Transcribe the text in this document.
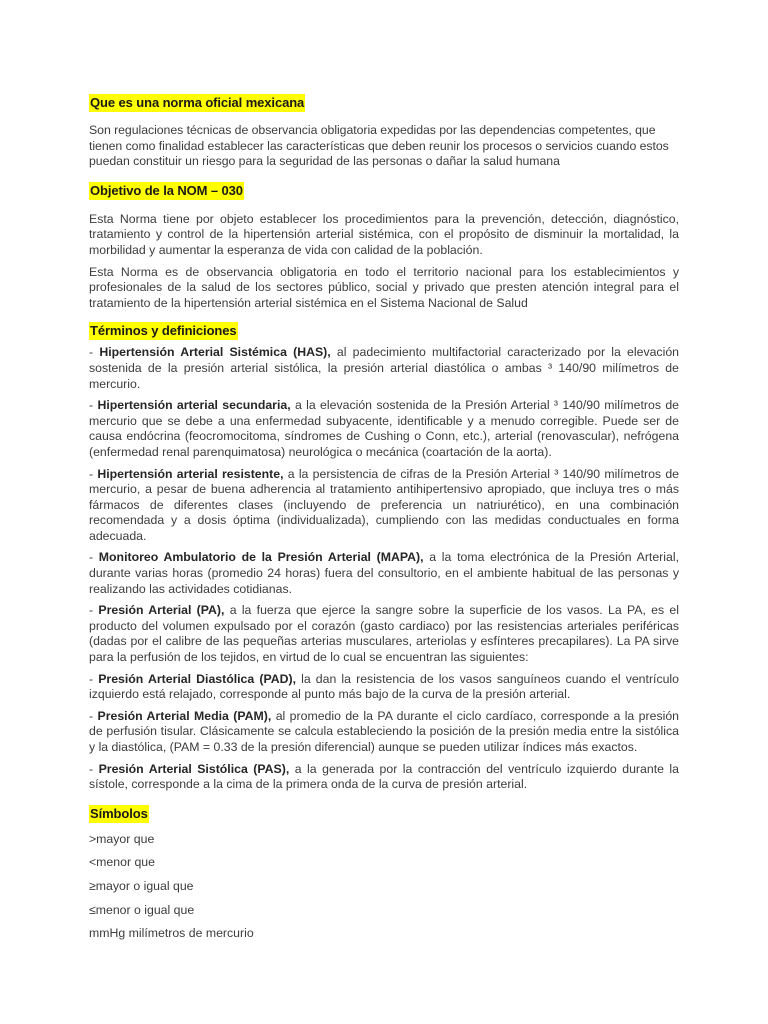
Que es una norma oficial mexicana

Son regulaciones técnicas de observancia obligatoria expedidas por las dependencias competentes, que tienen como finalidad establecer las características que deben reunir los procesos o servicios cuando estos puedan constituir un riesgo para la seguridad de las personas o dañar la salud humana

Objetivo de la NOM – 030

Esta Norma tiene por objeto establecer los procedimientos para la prevención, detección, diagnóstico, tratamiento y control de la hipertensión arterial sistémica, con el propósito de disminuir la mortalidad, la morbilidad y aumentar la esperanza de vida con calidad de la población.

Esta Norma es de observancia obligatoria en todo el territorio nacional para los establecimientos y profesionales de la salud de los sectores público, social y privado que presten atención integral para el tratamiento de la hipertensión arterial sistémica en el Sistema Nacional de Salud

Términos y definiciones

- Hipertensión Arterial Sistémica (HAS), al padecimiento multifactorial caracterizado por la elevación sostenida de la presión arterial sistólica, la presión arterial diastólica o ambas ³ 140/90 milímetros de mercurio.

- Hipertensión arterial secundaria, a la elevación sostenida de la Presión Arterial ³ 140/90 milímetros de mercurio que se debe a una enfermedad subyacente, identificable y a menudo corregible. Puede ser de causa endócrina (feocromocitoma, síndromes de Cushing o Conn, etc.), arterial (renovascular), nefrógena (enfermedad renal parenquimatosa) neurológica o mecánica (coartación de la aorta).

- Hipertensión arterial resistente, a la persistencia de cifras de la Presión Arterial ³ 140/90 milímetros de mercurio, a pesar de buena adherencia al tratamiento antihipertensivo apropiado, que incluya tres o más fármacos de diferentes clases (incluyendo de preferencia un natriurético), en una combinación recomendada y a dosis óptima (individualizada), cumpliendo con las medidas conductuales en forma adecuada.

- Monitoreo Ambulatorio de la Presión Arterial (MAPA), a la toma electrónica de la Presión Arterial, durante varias horas (promedio 24 horas) fuera del consultorio, en el ambiente habitual de las personas y realizando las actividades cotidianas.

- Presión Arterial (PA), a la fuerza que ejerce la sangre sobre la superficie de los vasos. La PA, es el producto del volumen expulsado por el corazón (gasto cardiaco) por las resistencias arteriales periféricas (dadas por el calibre de las pequeñas arterias musculares, arteriolas y esfínteres precapilares). La PA sirve para la perfusión de los tejidos, en virtud de lo cual se encuentran las siguientes:

- Presión Arterial Diastólica (PAD), la dan la resistencia de los vasos sanguíneos cuando el ventrículo izquierdo está relajado, corresponde al punto más bajo de la curva de la presión arterial.

- Presión Arterial Media (PAM), al promedio de la PA durante el ciclo cardíaco, corresponde a la presión de perfusión tisular. Clásicamente se calcula estableciendo la posición de la presión media entre la sistólica y la diastólica, (PAM = 0.33 de la presión diferencial) aunque se pueden utilizar índices más exactos.

- Presión Arterial Sistólica (PAS), a la generada por la contracción del ventrículo izquierdo durante la sístole, corresponde a la cima de la primera onda de la curva de presión arterial.

Símbolos

>mayor que

<menor que

≥mayor o igual que

≤menor o igual que

mmHg milímetros de mercurio
